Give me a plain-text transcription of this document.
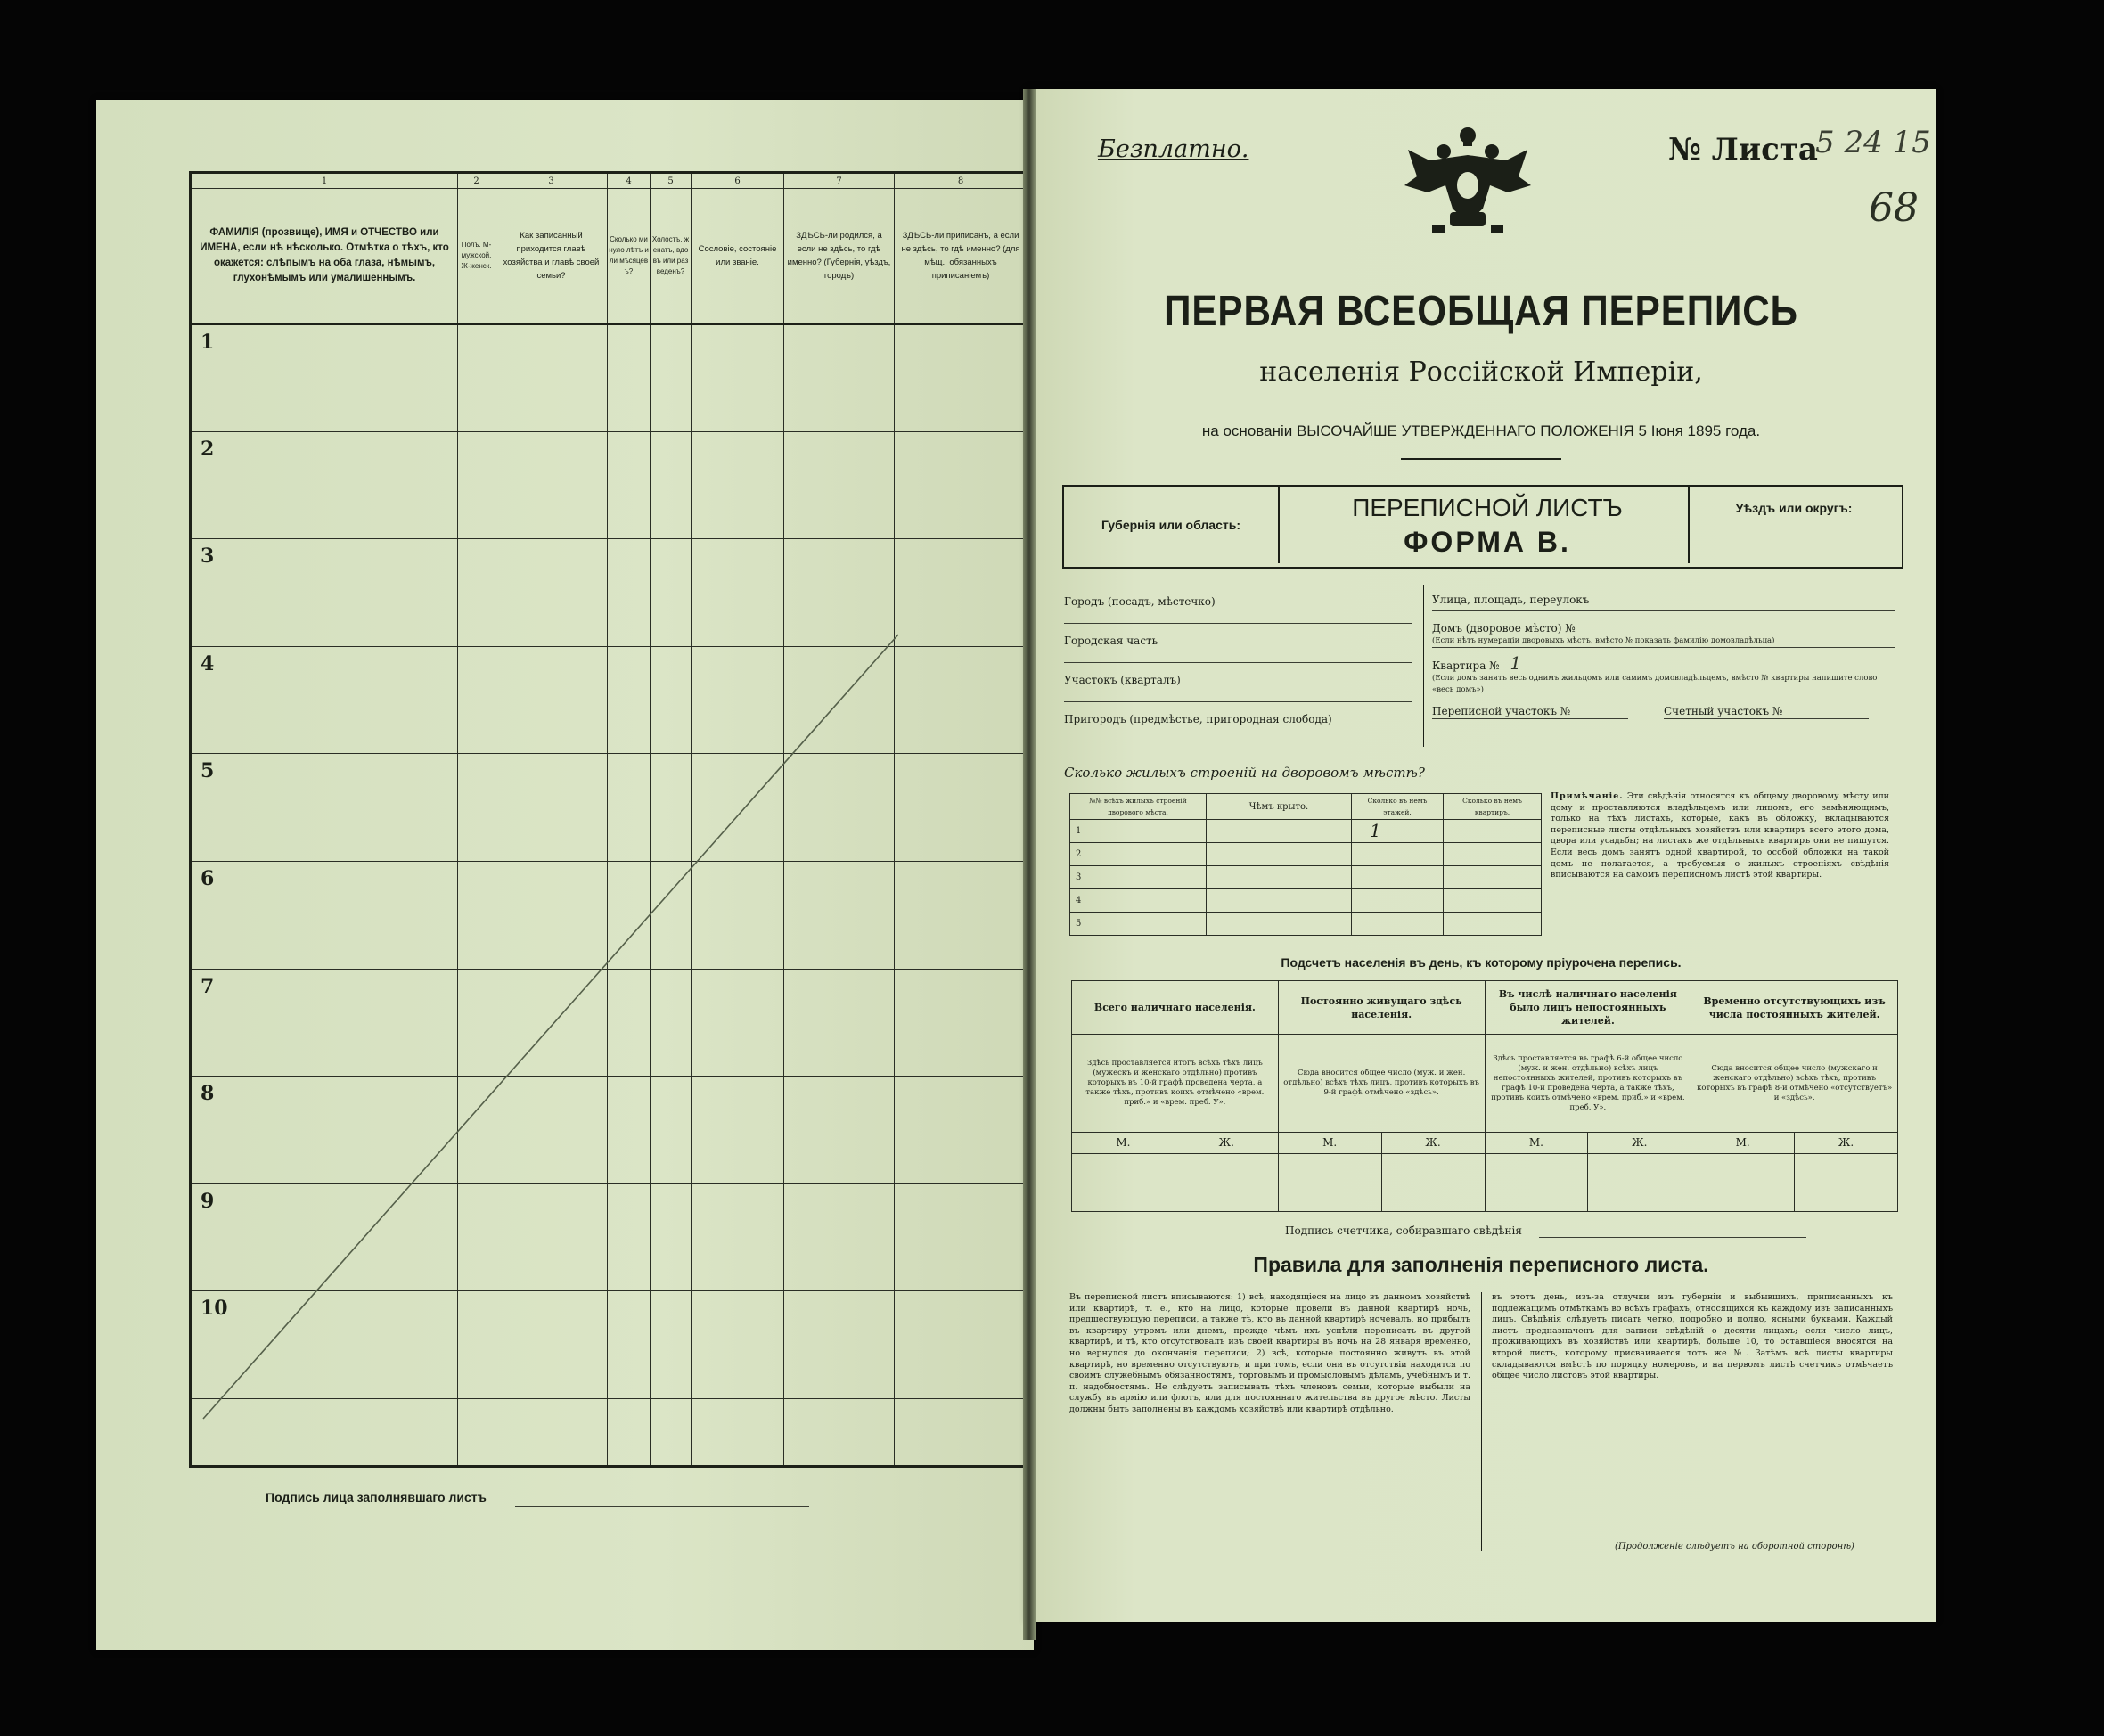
1	2	3	4	5	6	7	8
ФАМИЛІЯ (прозвище), ИМЯ и ОТЧЕСТВО или ИМЕНА, если нѣ нѣсколько. Отмѣтка о тѣхъ, кто окажется: слѣпымъ на оба глаза, нѣмымъ, глухонѣмымъ или умалишеннымъ.	Полъ. М-мужской. Ж-женск.	Как записанный приходится главѣ хозяйства и главѣ своей семьи?	Сколько минуло лѣтъ или мѣсяцевъ?	Холостъ, женатъ, вдовъ или разведенъ?	Сословіе, состояніе или званіе.	ЗДѢСЬ-ли родился, а если не здѣсь, то гдѣ именно? (Губернія, уѣздъ, городъ)	ЗДѢСЬ-ли приписанъ, а если не здѣсь, то гдѣ именно? (для мѣщ., обязанныхъ приписаніемъ)
1							
2							
3							
4							
5							
6							
7							
8							
9							
10							

Подпись лица заполнявшаго листъ
Безплатно.	№ Листа
5 24 15
68
ПЕРВАЯ ВСЕОБЩАЯ ПЕРЕПИСЬ
населенія Россійской Имперіи,
на основаніи ВЫСОЧАЙШЕ УТВЕРЖДЕННАГО ПОЛОЖЕНІЯ 5 Іюня 1895 года.
Губернія или область:
ПЕРЕПИСНОЙ ЛИСТЪ
ФОРМА В.
Уѣздъ или округъ:
Городъ (посадъ, мѣстечко)
Городская часть
Участокъ (кварталъ)
Пригородъ (предмѣстье, пригородная слобода)
Улица, площадь, переулокъ
Домъ (дворовое мѣсто) №
(Если нѣтъ нумераціи дворовыхъ мѣстъ, вмѣсто № показать фамилію домовладѣльца)
Квартира № 1
(Если домъ занятъ весь однимъ жильцомъ или самимъ домовладѣльцемъ, вмѣсто № квартиры напишите слово «весь домъ»)
Переписной участокъ №	Счетный участокъ №
Сколько жилыхъ строеній на дворовомъ мѣстѣ?
№№ всѣхъ жилыхъ строеній дворового мѣста.	Чѣмъ крыто.	Сколько въ немъ этажей.	Сколько въ немъ квартиръ.
1		1	
2			
3			
4			
5			
Примѣчаніе. Эти свѣдѣнія относятся къ общему дворовому мѣсту или дому и проставляются владѣльцемъ или лицомъ, его замѣняющимъ, только на тѣхъ листахъ, которые, какъ въ обложку, вкладываются переписные листы отдѣльныхъ хозяйствъ или квартиръ всего этого дома, двора или усадьбы; на листахъ же отдѣльныхъ квартиръ они не пишутся. Если весь домъ занятъ одной квартирой, то особой обложки на такой домъ не полагается, а требуемыя о жилыхъ строеніяхъ свѣдѣнія вписываются на самомъ переписномъ листѣ этой квартиры.
Подсчетъ населенія въ день, къ которому пріурочена перепись.
Всего наличнаго населенія.		Постоянно живущаго здѣсь населенія.		Въ числѣ наличнаго населенія было лицъ непостоянныхъ жителей.		Временно отсутствующихъ изъ числа постоянныхъ жителей.	
Здѣсь проставляется итогъ всѣхъ тѣхъ лицъ (мужескъ и женскаго отдѣльно) противъ которыхъ въ 10-й графѣ проведена черта, а также тѣхъ, противъ коихъ отмѣчено «врем. приб.» и «врем. преб. У».		Сюда вносится общее число (муж. и жен. отдѣльно) всѣхъ тѣхъ лицъ, противъ которыхъ въ 9-й графѣ отмѣчено «здѣсь».		Здѣсь проставляется въ графѣ 6-й общее число (муж. и жен. отдѣльно) всѣхъ лицъ непостоянныхъ жителей, противъ которыхъ въ графѣ 10-й проведена черта, а также тѣхъ, противъ коихъ отмѣчено «врем. приб.» и «врем. преб. У».		Сюда вносится общее число (мужскаго и женскаго отдѣльно) всѣхъ тѣхъ, противъ которыхъ въ графѣ 8-й отмѣчено «отсутствуетъ» и «здѣсь».	
М.	Ж.	М.	Ж.	М.	Ж.	М.	Ж.

Подпись счетчика, собиравшаго свѣдѣнія
Правила для заполненія переписного листа.
Въ переписной листъ вписываются: 1) всѣ, находящіеся на лицо въ данномъ хозяйствѣ или квартирѣ, т. е., кто на лицо, которые провели въ данной квартирѣ ночь, предшествующую переписи, а также тѣ, кто въ данной квартирѣ ночевалъ, но прибылъ въ квартиру утромъ или днемъ, прежде чѣмъ ихъ успѣли переписать въ другой квартирѣ, и тѣ, кто отсутствовалъ изъ своей квартиры въ ночь на 28 января временно, но вернулся до окончанія переписи; 2) всѣ, которые постоянно живутъ въ этой квартирѣ, но временно отсутствуютъ, и при томъ, если они въ отсутствіи находятся по своимъ служебнымъ обязанностямъ, торговымъ и промысловымъ дѣламъ, учебнымъ и т. п. надобностямъ. Не слѣдуетъ записывать тѣхъ членовъ семьи, которые выбыли на службу въ армію или флотъ, или для постояннаго жительства въ другое мѣсто. Листы должны быть заполнены въ каждомъ хозяйствѣ или квартирѣ отдѣльно.
въ этотъ день, изъ-за отлучки изъ губерніи и выбывшихъ, приписанныхъ къ подлежащимъ отмѣткамъ во всѣхъ графахъ, относящихся къ каждому изъ записанныхъ лицъ. Свѣдѣнія слѣдуетъ писать четко, подробно и полно, ясными буквами. Каждый листъ предназначенъ для записи свѣдѣній о десяти лицахъ; если число лицъ, проживающихъ въ хозяйствѣ или квартирѣ, больше 10, то оставшіеся вносятся на второй листъ, которому присваивается тотъ же №. Затѣмъ всѣ листы квартиры складываются вмѣстѣ по порядку номеровъ, и на первомъ листѣ счетчикъ отмѣчаетъ общее число листовъ этой квартиры.
(Продолженіе слѣдуетъ на оборотной сторонѣ)
